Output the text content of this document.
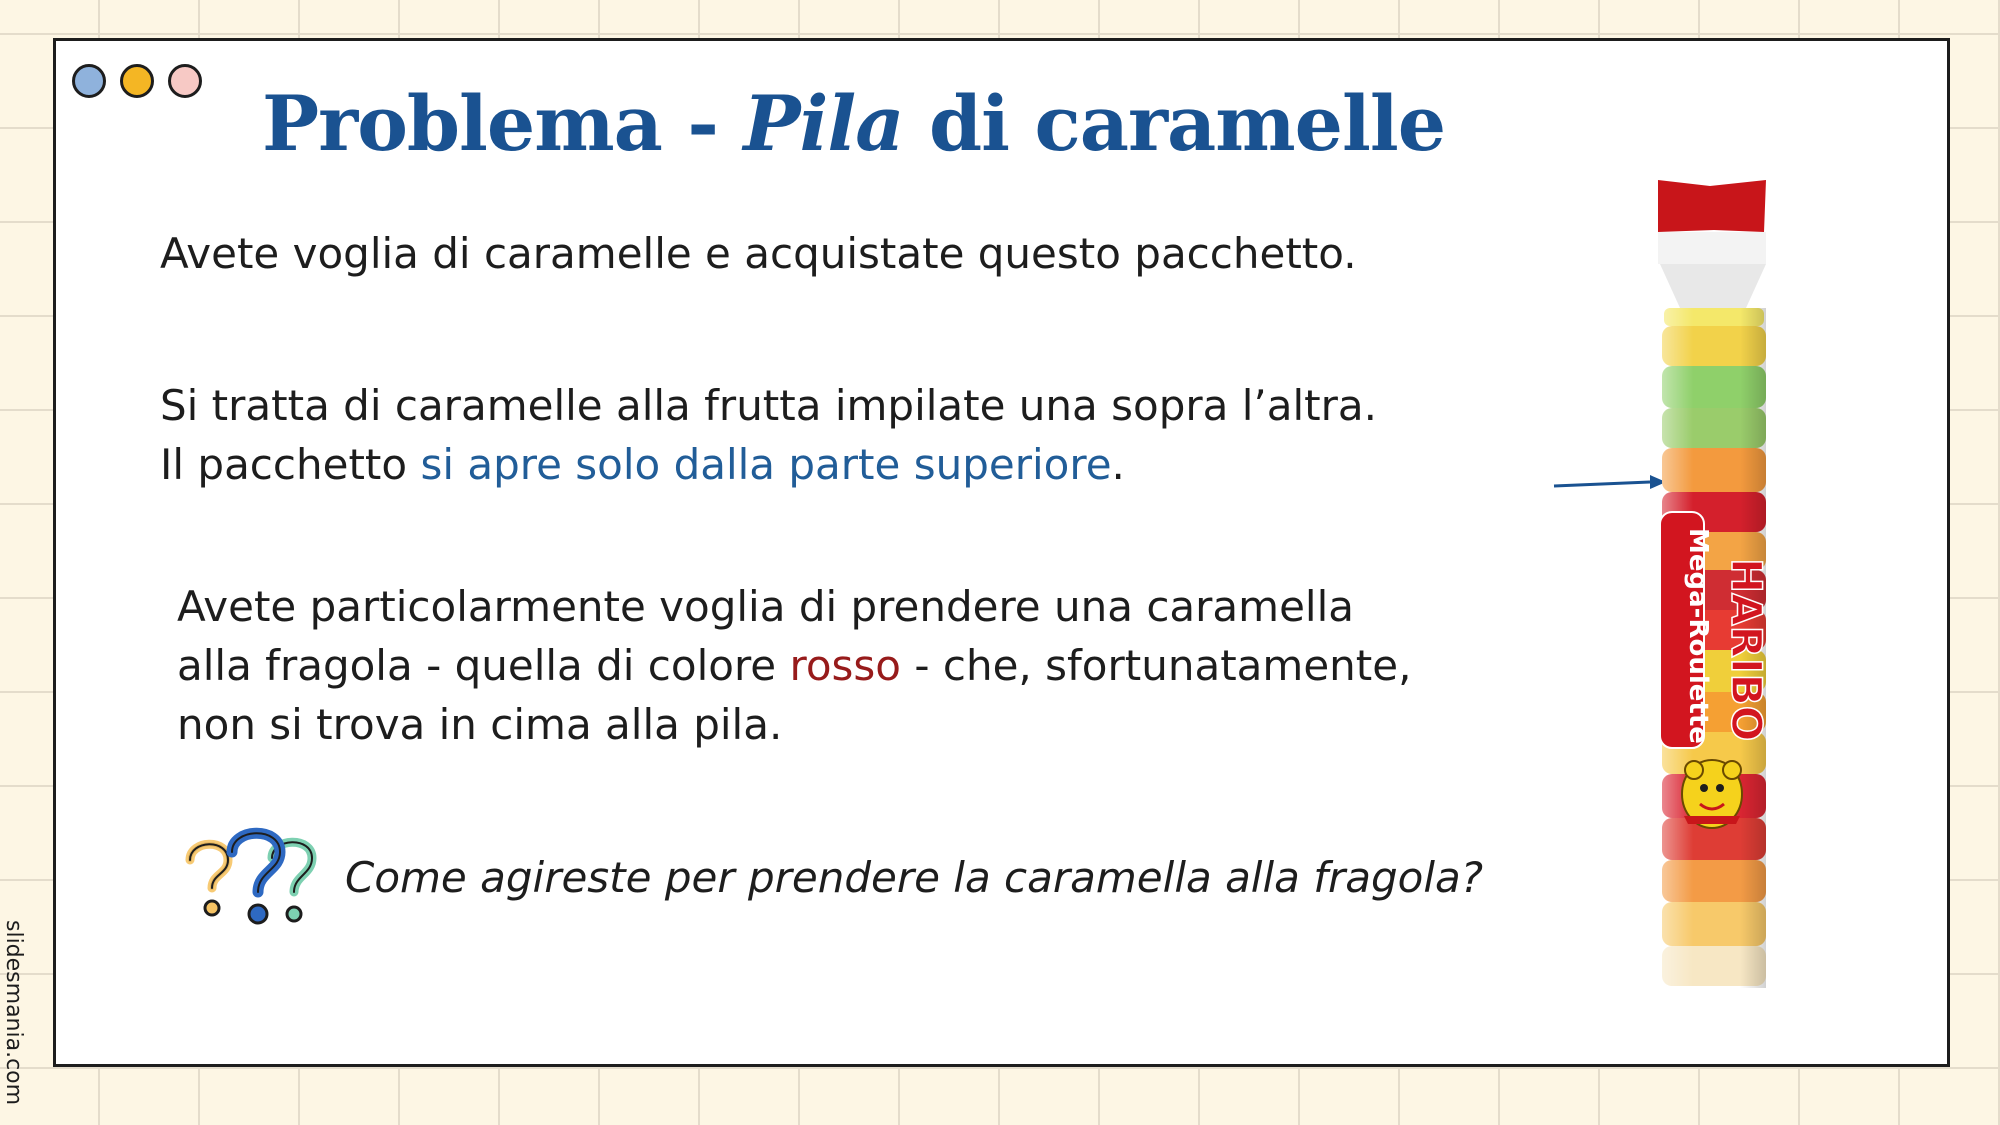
Problema - Pila di caramelle

Avete voglia di caramelle e acquistate questo pacchetto.

Si tratta di caramelle alla frutta impilate una sopra l’altra.
Il pacchetto si apre solo dalla parte superiore.

Avete particolarmente voglia di prendere una caramella
alla fragola - quella di colore rosso - che, sfortunatamente,
non si trova in cima alla pila.

Come agireste per prendere la caramella alla fragola?

Mega-Roulette HARIBO
slidesmania.com
